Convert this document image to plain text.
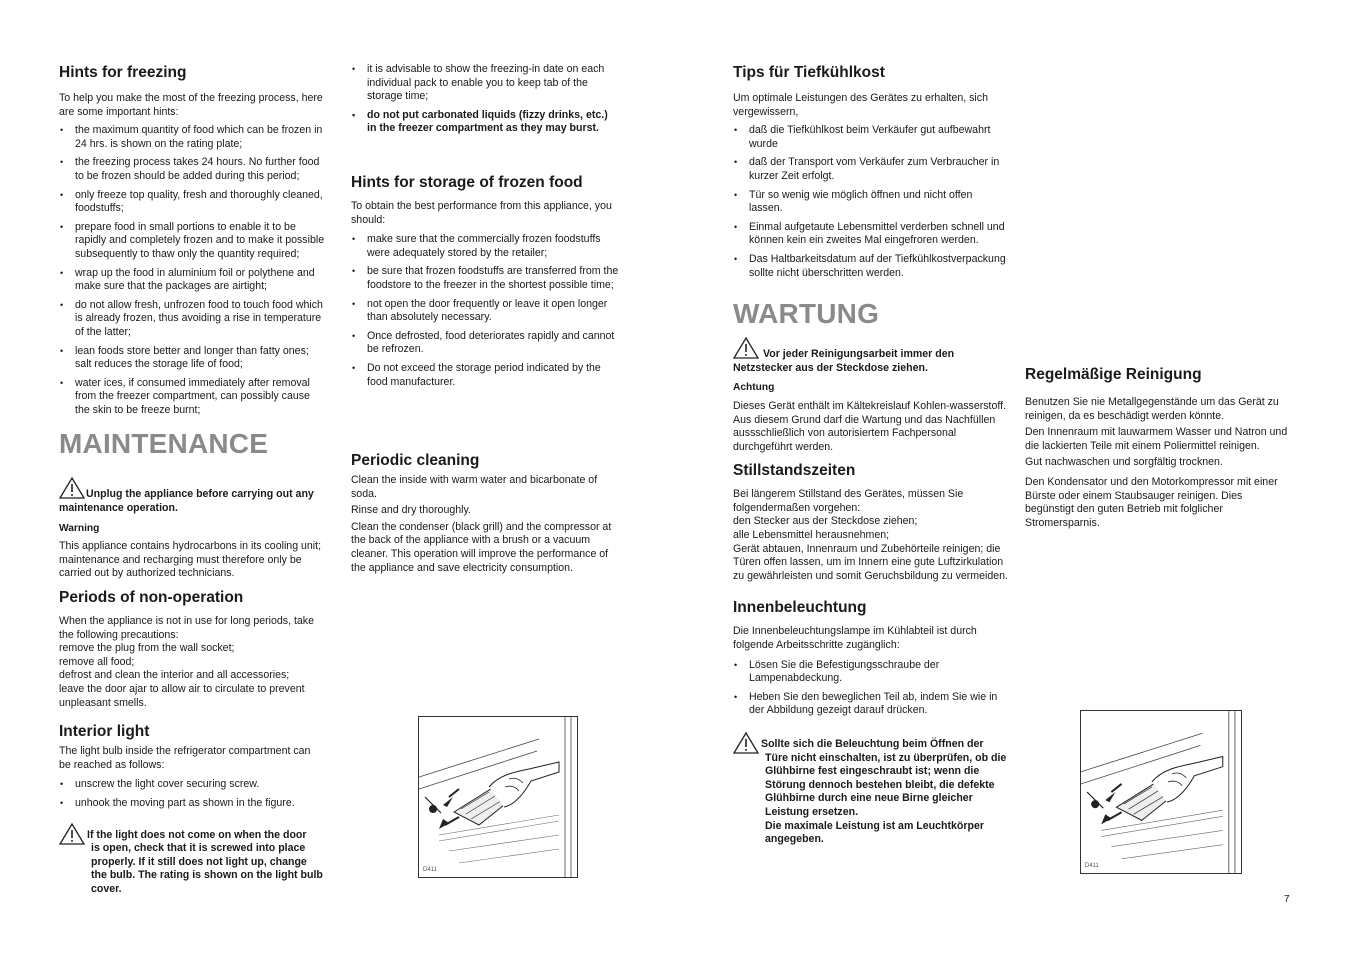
Hints for freezing

To help you make the most of the freezing process, here are some important hints:

• the maximum quantity of food which can be frozen in 24 hrs. is shown on the rating plate;
• the freezing process takes 24 hours. No further food to be frozen should be added during this period;
• only freeze top quality, fresh and thoroughly cleaned, foodstuffs;
• prepare food in small portions to enable it to be rapidly and completely frozen and to make it possible subsequently to thaw only the quantity required;
• wrap up the food in aluminium foil or polythene and make sure that the packages are airtight;
• do not allow fresh, unfrozen food to touch food which is already frozen, thus avoiding a rise in temperature of the latter;
• lean foods store better and longer than fatty ones; salt reduces the storage life of food;
• water ices, if consumed immediately after removal from the freezer compartment, can possibly cause the skin to be freeze burnt;
MAINTENANCE

Unplug the appliance before carrying out any maintenance operation.

Warning

This appliance contains hydrocarbons in its cooling unit; maintenance and recharging must therefore only be carried out by authorized technicians.

Periods of non-operation
When the appliance is not in use for long periods, take the following precautions:
remove the plug from the wall socket;
remove all food;
defrost and clean the interior and all accessories;
leave the door ajar to allow air to circulate to prevent unpleasant smells.
Interior light

The light bulb inside the refrigerator compartment can be reached as follows:

• unscrew the light cover securing screw.
• unhook the moving part as shown in the figure.
If the light does not come on when the door
is open, check that it is screwed into place properly. If it still does not light up, change the bulb. The rating is shown on the light bulb cover.
• it is advisable to show the freezing-in date on each individual pack to enable you to keep tab of the storage time;
• do not put carbonated liquids (fizzy drinks, etc.) in the freezer compartment as they may burst.
Hints for storage of frozen food

To obtain the best performance from this appliance, you should:

• make sure that the commercially frozen foodstuffs were adequately stored by the retailer;
• be sure that frozen foodstuffs are transferred from the foodstore to the freezer in the shortest possible time;
• not open the door frequently or leave it open longer than absolutely necessary.
• Once defrosted, food deteriorates rapidly and cannot be refrozen.
• Do not exceed the storage period indicated by the food manufacturer.
Periodic cleaning

Clean the inside with warm water and bicarbonate of soda.

Rinse and dry thoroughly.

Clean the condenser (black grill) and the compressor at the back of the appliance with a brush or a vacuum cleaner. This operation will improve the performance of the appliance and save electricity consumption.

D411
Tips für Tiefkühlkost

Um optimale Leistungen des Gerätes zu erhalten, sich vergewissern,

• daß die Tiefkühlkost beim Verkäufer gut aufbewahrt wurde
• daß der Transport vom Verkäufer zum Verbraucher in kurzer Zeit erfolgt.
• Tür so wenig wie möglich öffnen und nicht offen lassen.
• Einmal aufgetaute Lebensmittel verderben schnell und können kein ein zweites Mal eingefroren werden.
• Das Haltbarkeitsdatum auf der Tiefkühlkostverpackung sollte nicht überschritten werden.
WARTUNG

Vor jeder Reinigungsarbeit immer den Netzstecker aus der Steckdose ziehen.

Achtung

Dieses Gerät enthält im Kältekreislauf Kohlen-wasserstoff. Aus diesem Grund darf die Wartung und das Nachfüllen aussschließlich von autorisiertem Fachpersonal durchgeführt werden.

Stillstandszeiten
Bei längerem Stillstand des Gerätes, müssen Sie folgendermaßen vorgehen:
den Stecker aus der Steckdose ziehen;
alle Lebensmittel herausnehmen;
Gerät abtauen, Innenraum und Zubehörteile reinigen; die Türen offen lassen, um im Innern eine gute Luftzirkulation zu gewährleisten und somit Geruchsbildung zu vermeiden.
Innenbeleuchtung

Die Innenbeleuchtungslampe im Kühlabteil ist durch folgende Arbeitsschritte zugänglich:

• Lösen Sie die Befestigungsschraube der Lampenabdeckung.
• Heben Sie den beweglichen Teil ab, indem Sie wie in der Abbildung gezeigt darauf drücken.
Sollte sich die Beleuchtung beim Öffnen der
Türe nicht einschalten, ist zu überprüfen, ob die Glühbirne fest eingeschraubt ist; wenn die Störung dennoch bestehen bleibt, die defekte Glühbirne durch eine neue Birne gleicher Leistung ersetzen.
Die maximale Leistung ist am Leuchtkörper angegeben.
Regelmäßige Reinigung

Benutzen Sie nie Metallgegenstände um das Gerät zu reinigen, da es beschädigt werden könnte.

Den Innenraum mit lauwarmem Wasser und Natron und die lackierten Teile mit einem Poliermittel reinigen.

Gut nachwaschen und sorgfältig trocknen.

Den Kondensator und den Motorkompressor mit einer Bürste oder einem Staubsauger reinigen. Dies begünstigt den guten Betrieb mit folglicher Stromersparnis.

D411
7
